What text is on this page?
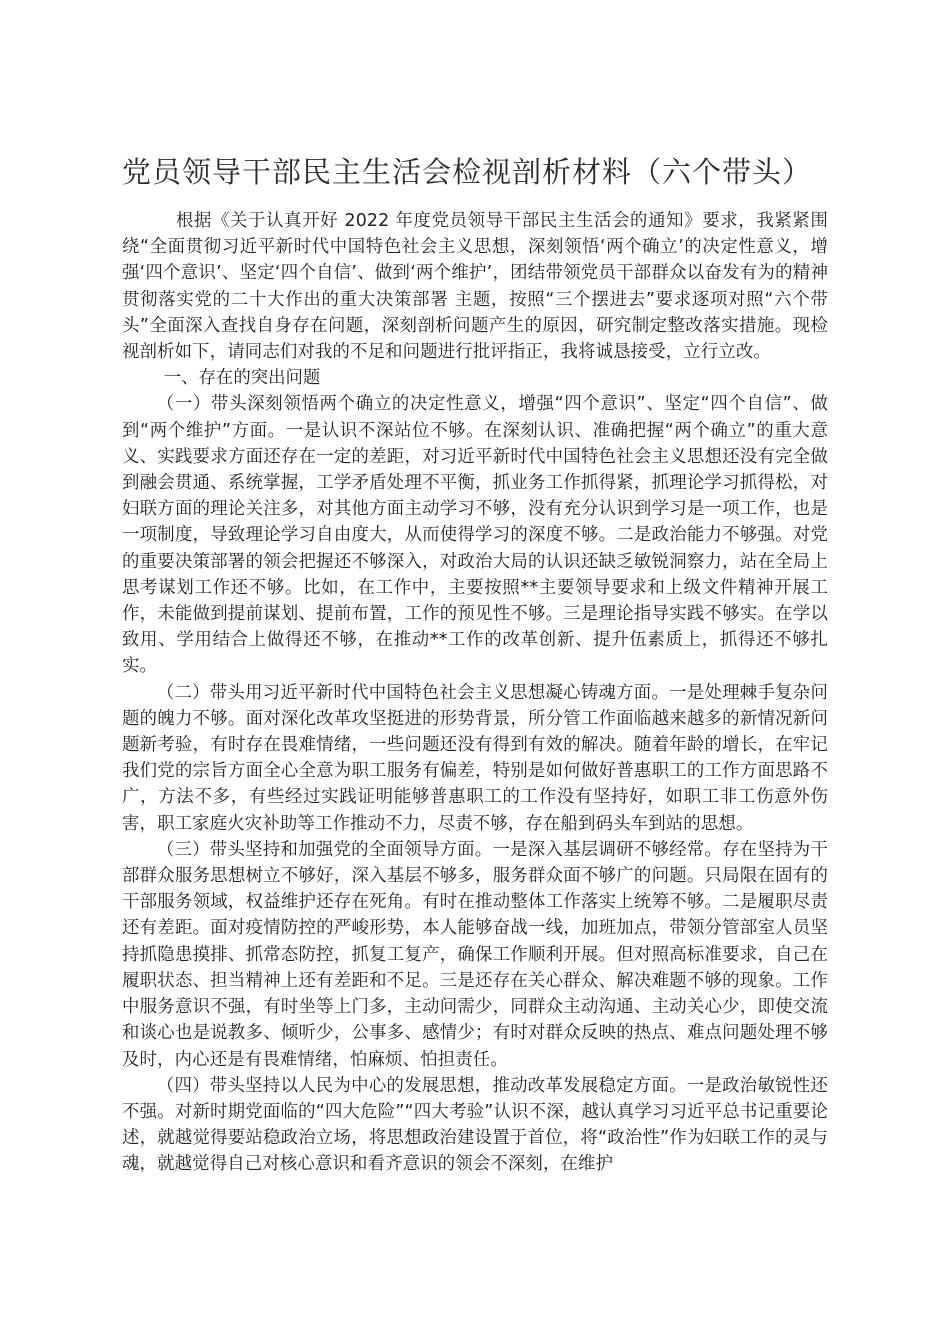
党员领导干部民主生活会检视剖析材料（六个带头）

根据《关于认真开好 2022 年度党员领导干部民主生活会的通知》要求，我紧紧围绕“全面贯彻习近平新时代中国特色社会主义思想，深刻领悟‘两个确立’的决定性意义，增强‘四个意识’、坚定‘四个自信’、做到‘两个维护’，团结带领党员干部群众以奋发有为的精神贯彻落实党的二十大作出的重大决策部署 主题，按照“三个摆进去”要求逐项对照“六个带头”全面深入查找自身存在问题，深刻剖析问题产生的原因，研究制定整改落实措施。现检视剖析如下，请同志们对我的不足和问题进行批评指正，我将诚恳接受，立行立改。

一、存在的突出问题

（一）带头深刻领悟两个确立的决定性意义，增强“四个意识”、坚定“四个自信”、做到“两个维护”方面。一是认识不深站位不够。在深刻认识、准确把握“两个确立”的重大意义、实践要求方面还存在一定的差距，对习近平新时代中国特色社会主义思想还没有完全做到融会贯通、系统掌握，工学矛盾处理不平衡，抓业务工作抓得紧，抓理论学习抓得松，对妇联方面的理论关注多，对其他方面主动学习不够，没有充分认识到学习是一项工作，也是一项制度，导致理论学习自由度大，从而使得学习的深度不够。二是政治能力不够强。对党的重要决策部署的领会把握还不够深入，对政治大局的认识还缺乏敏锐洞察力，站在全局上思考谋划工作还不够。比如，在工作中，主要按照**主要领导要求和上级文件精神开展工作，未能做到提前谋划、提前布置，工作的预见性不够。三是理论指导实践不够实。在学以致用、学用结合上做得还不够，在推动**工作的改革创新、提升伍素质上，抓得还不够扎实。

（二）带头用习近平新时代中国特色社会主义思想凝心铸魂方面。一是处理棘手复杂问题的魄力不够。面对深化改革攻坚挺进的形势背景，所分管工作面临越来越多的新情况新问题新考验，有时存在畏难情绪，一些问题还没有得到有效的解决。随着年龄的增长，在牢记我们党的宗旨方面全心全意为职工服务有偏差，特别是如何做好普惠职工的工作方面思路不广，方法不多，有些经过实践证明能够普惠职工的工作没有坚持好，如职工非工伤意外伤害，职工家庭火灾补助等工作推动不力，尽责不够，存在船到码头车到站的思想。

（三）带头坚持和加强党的全面领导方面。一是深入基层调研不够经常。存在坚持为干部群众服务思想树立不够好，深入基层不够多，服务群众面不够广的问题。只局限在固有的干部服务领域，权益维护还存在死角。有时在推动整体工作落实上统筹不够。二是履职尽责还有差距。面对疫情防控的严峻形势，本人能够奋战一线，加班加点，带领分管部室人员坚持抓隐患摸排、抓常态防控，抓复工复产，确保工作顺利开展。但对照高标准要求，自己在履职状态、担当精神上还有差距和不足。三是还存在关心群众、解决难题不够的现象。工作中服务意识不强，有时坐等上门多，主动问需少，同群众主动沟通、主动关心少，即使交流和谈心也是说教多、倾听少，公事多、感情少；有时对群众反映的热点、难点问题处理不够及时，内心还是有畏难情绪，怕麻烦、怕担责任。

（四）带头坚持以人民为中心的发展思想，推动改革发展稳定方面。一是政治敏锐性还不强。对新时期党面临的“四大危险”“四大考验”认识不深，越认真学习习近平总书记重要论述，就越觉得要站稳政治立场，将思想政治建设置于首位，将“政治性”作为妇联工作的灵与魂，就越觉得自己对核心意识和看齐意识的领会不深刻，在维护
